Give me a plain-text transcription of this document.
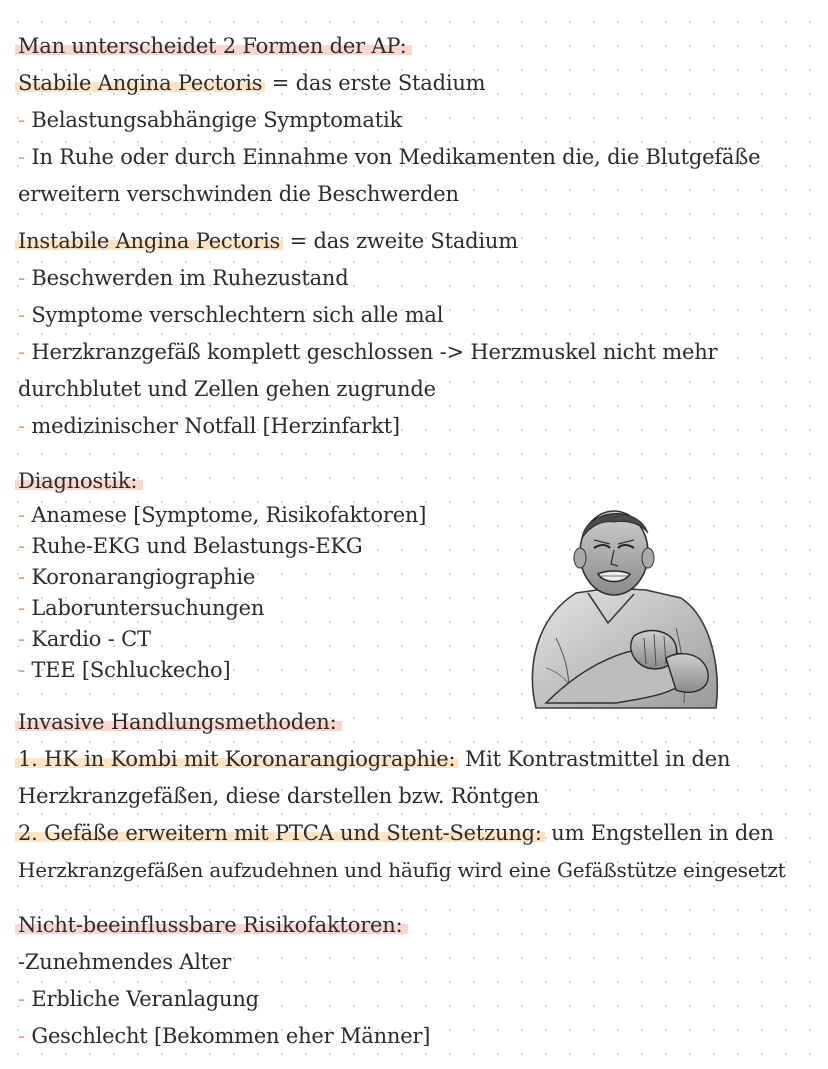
Man unterscheidet 2 Formen der AP:
Stabile Angina Pectoris = das erste Stadium
- Belastungsabhängige Symptomatik
- In Ruhe oder durch Einnahme von Medikamenten die, die Blutgefäße
erweitern verschwinden die Beschwerden
Instabile Angina Pectoris = das zweite Stadium
- Beschwerden im Ruhezustand
- Symptome verschlechtern sich alle mal
- Herzkranzgefäß komplett geschlossen -> Herzmuskel nicht mehr
durchblutet und Zellen gehen zugrunde
- medizinischer Notfall [Herzinfarkt]
Diagnostik:
- Anamese [Symptome, Risikofaktoren]
- Ruhe-EKG und Belastungs-EKG
- Koronarangiographie
- Laboruntersuchungen
- Kardio - CT
- TEE [Schluckecho]
Invasive Handlungsmethoden:
1. HK in Kombi mit Koronarangiographie: Mit Kontrastmittel in den
Herzkranzgefäßen, diese darstellen bzw. Röntgen
2. Gefäße erweitern mit PTCA und Stent-Setzung: um Engstellen in den
Herzkranzgefäßen aufzudehnen und häufig wird eine Gefäßstütze eingesetzt
Nicht-beeinflussbare Risikofaktoren:
-Zunehmendes Alter
- Erbliche Veranlagung
- Geschlecht [Bekommen eher Männer]
